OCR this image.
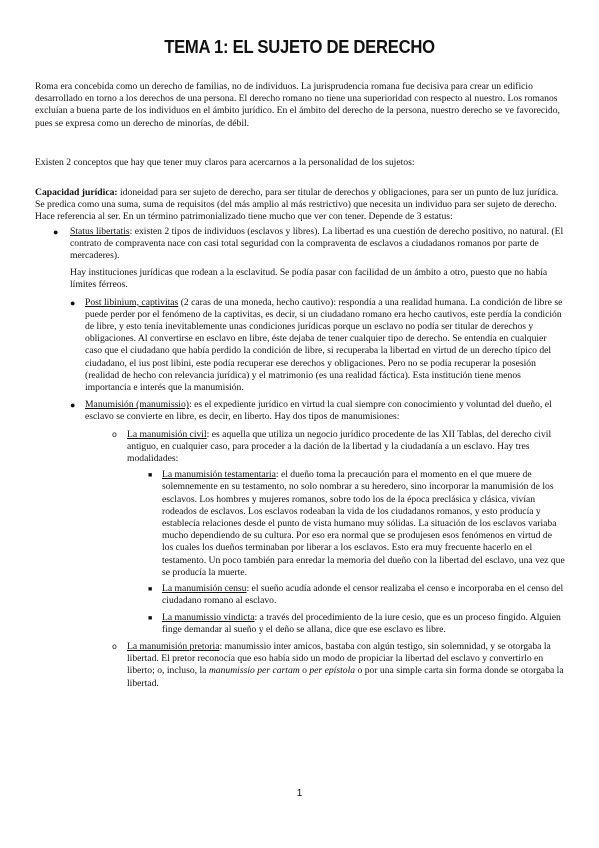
TEMA 1: EL SUJETO DE DERECHO

Roma era concebida como un derecho de familias, no de individuos. La jurisprudencia romana fue decisiva para crear un edificio desarrollado en torno a los derechos de una persona. El derecho romano no tiene una superioridad con respecto al nuestro. Los romanos excluían a buena parte de los individuos en el ámbito jurídico. En el ámbito del derecho de la persona, nuestro derecho se ve favorecido, pues se expresa como un derecho de minorías, de débil.

Existen 2 conceptos que hay que tener muy claros para acercarnos a la personalidad de los sujetos:

Capacidad jurídica: idoneidad para ser sujeto de derecho, para ser titular de derechos y obligaciones, para ser un punto de luz jurídica. Se predica como una suma, suma de requisitos (del más amplio al más restrictivo) que necesita un individuo para ser sujeto de derecho. Hace referencia al ser. En un término patrimonializado tiene mucho que ver con tener. Depende de 3 estatus:

● Status libertatis: existen 2 tipos de individuos (esclavos y libres). La libertad es una cuestión de derecho positivo, no natural. (El contrato de compraventa nace con casi total seguridad con la compraventa de esclavos a ciudadanos romanos por parte de mercaderes).

Hay instituciones jurídicas que rodean a la esclavitud. Se podía pasar con facilidad de un ámbito a otro, puesto que no había límites férreos.

● Post libinium, captivitas (2 caras de una moneda, hecho cautivo): respondía a una realidad humana. La condición de libre se puede perder por el fenómeno de la captivitas, es decir, si un ciudadano romano era hecho cautivos, este perdía la condición de libre, y esto tenía inevitablemente unas condiciones jurídicas porque un esclavo no podía ser titular de derechos y obligaciones. Al convertirse en esclavo en libre, éste dejaba de tener cualquier tipo de derecho. Se entendía en cualquier caso que el ciudadano que había perdido la condición de libre, si recuperaba la libertad en virtud de un derecho típico del ciudadano, el ius post libini, este podía recuperar ese derechos y obligaciones. Pero no se podía recuperar la posesión (realidad de hecho con relevancia jurídica) y el matrimonio (es una realidad fáctica). Esta institución tiene menos importancia e interés que la manumisión.
● Manumisión (manumissio): es el expediente jurídico en virtud la cual siempre con conocimiento y voluntad del dueño, el esclavo se convierte en libre, es decir, en liberto. Hay dos tipos de manumisiones:
o La manumisión civil: es aquella que utiliza un negocio jurídico procedente de las XII Tablas, del derecho civil antiguo, en cualquier caso, para proceder a la dación de la libertad y la ciudadanía a un esclavo. Hay tres modalidades:
■ La manumisión testamentaria: el dueño toma la precaución para el momento en el que muere de solemnemente en su testamento, no solo nombrar a su heredero, sino incorporar la manumisión de los esclavos. Los hombres y mujeres romanos, sobre todo los de la época preclásica y clásica, vivían rodeados de esclavos. Los esclavos rodeaban la vida de los ciudadanos romanos, y esto producía y establecía relaciones desde el punto de vista humano muy sólidas. La situación de los esclavos variaba mucho dependiendo de su cultura. Por eso era normal que se produjesen esos fenómenos en virtud de los cuales los dueños terminaban por liberar a los esclavos. Esto era muy frecuente hacerlo en el testamento. Un poco también para enredar la memoria del dueño con la libertad del esclavo, una vez que se producía la muerte.
■ La manumisión censu: el sueño acudía adonde el censor realizaba el censo e incorporaba en el censo del ciudadano romano al esclavo.
■ La manumissio vindicta: a través del procedimiento de la iure cesio, que es un proceso fingido. Alguien finge demandar al sueño y el deño se allana, dice que ese esclavo es libre.
o La manumisión pretoria: manumissio inter amicos, bastaba con algún testigo, sin solemnidad, y se otorgaba la libertad. El pretor reconocía que eso había sido un modo de propiciar la libertad del esclavo y convertirlo en liberto; o, incluso, la manumissio per cartam o per epístola o por una simple carta sin forma donde se otorgaba la libertad.
1
